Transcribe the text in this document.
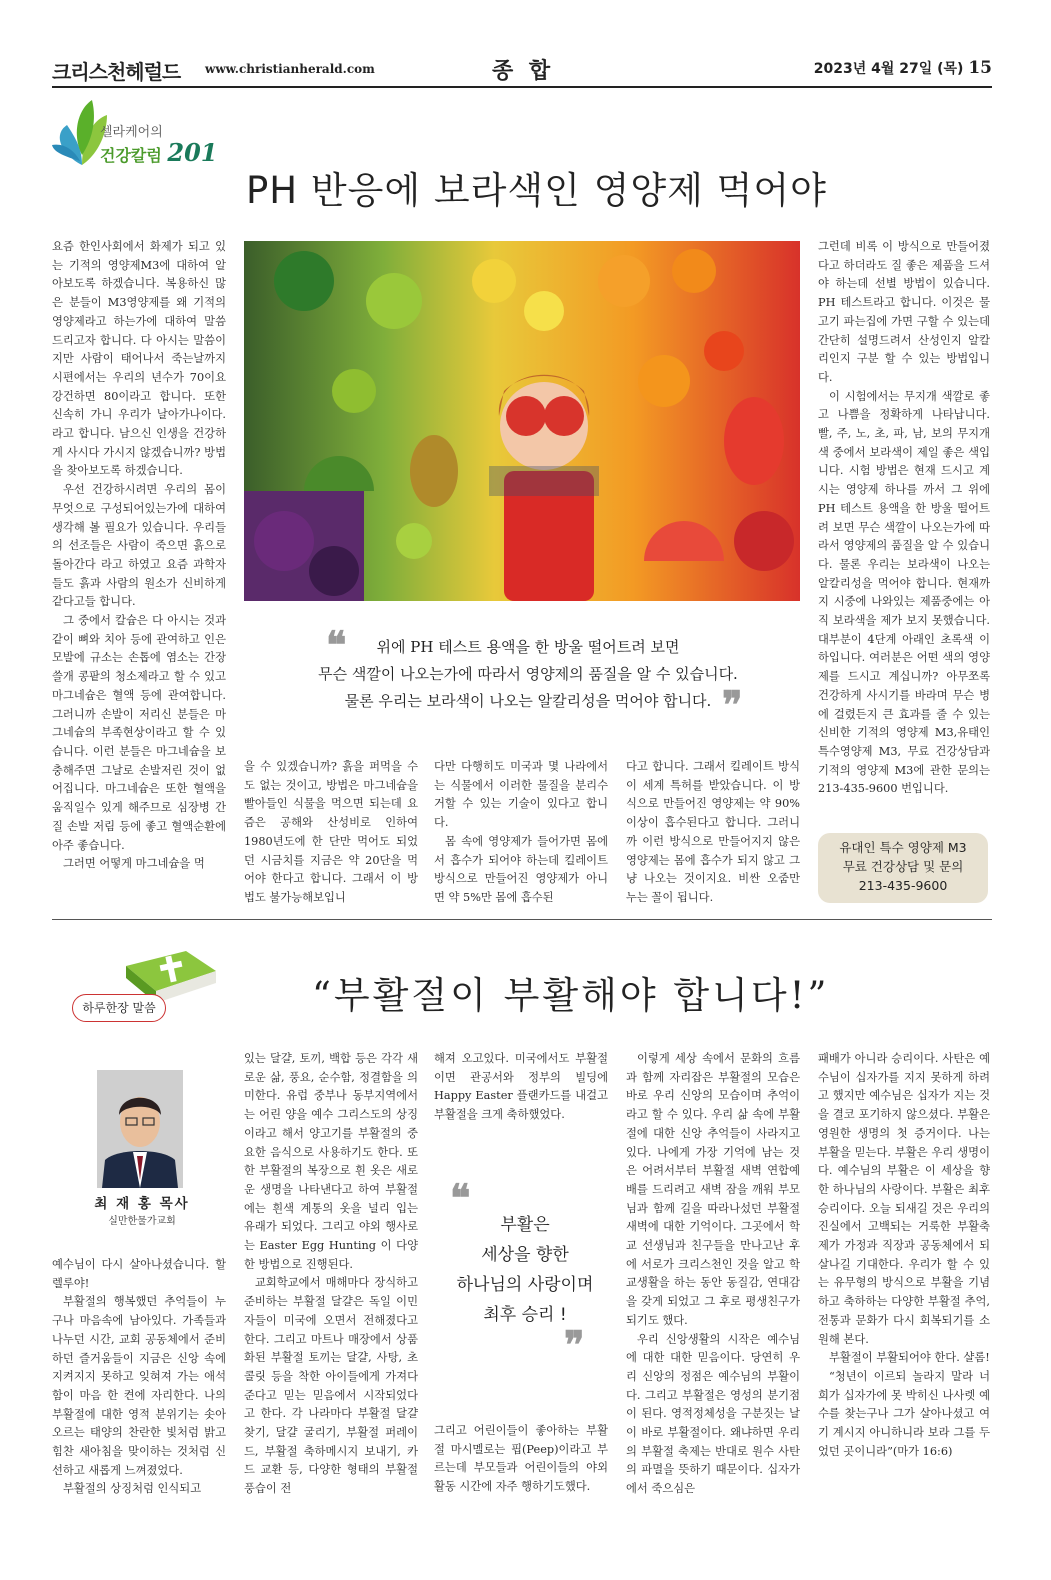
크리스천헤럴드 www.christianherald.com	종 합	2023년 4월 27일 (목) 15
셀라케어의
건강칼럼 201
PH 반응에 보라색인 영양제 먹어야

요즘 한인사회에서 화제가 되고 있는 기적의 영양제M3에 대하여 알아보도록 하겠습니다. 복용하신 많은 분들이 M3영양제를 왜 기적의 영양제라고 하는가에 대하여 말씀드리고자 합니다. 다 아시는 말씀이지만 사람이 태어나서 죽는날까지 시편에서는 우리의 년수가 70이요 강건하면 80이라고 합니다. 또한 신속히 가니 우리가 날아가나이다. 라고 합니다. 남으신 인생을 건강하게 사시다 가시지 않겠습니까? 방법을 찾아보도록 하겠습니다.

우선 건강하시려면 우리의 몸이 무엇으로 구성되어있는가에 대하여 생각해 볼 필요가 있습니다. 우리들의 선조들은 사람이 죽으면 흙으로 돌아간다 라고 하였고 요즘 과학자들도 흙과 사람의 원소가 신비하게 같다고들 합니다.

그 중에서 칼슘은 다 아시는 것과 같이 뼈와 치아 등에 관여하고 인은 모발에 규소는 손톱에 염소는 간장 쓸개 콩팥의 청소제라고 할 수 있고 마그네슘은 혈액 등에 관여합니다. 그러니까 손발이 저리신 분들은 마그네슘의 부족현상이라고 할 수 있습니다. 이런 분들은 마그네슘을 보충해주면 그날로 손발저린 것이 없어집니다. 마그네슘은 또한 혈액을 움직일수 있게 해주므로 심장병 간질 손발 저림 등에 좋고 혈액순환에 아주 좋습니다.

그러면 어떻게 마그네슘을 먹

❝
❞
위에 PH 테스트 용액을 한 방울 떨어트려 보면
무슨 색깔이 나오는가에 따라서 영양제의 품질을 알 수 있습니다.
물론 우리는 보라색이 나오는 알칼리성을 먹어야 합니다.

을 수 있겠습니까? 흙을 퍼먹을 수도 없는 것이고, 방법은 마그네슘을 빨아들인 식물을 먹으면 되는데 요즘은 공해와 산성비로 인하여 1980년도에 한 단만 먹어도 되었던 시금치를 지금은 약 20단을 먹어야 한다고 합니다. 그래서 이 방법도 불가능해보입니

다만 다행히도 미국과 몇 나라에서는 식물에서 이러한 물질을 분리수거할 수 있는 기술이 있다고 합니다.

몸 속에 영양제가 들어가면 몸에서 흡수가 되어야 하는데 킬레이트 방식으로 만들어진 영양제가 아니면 약 5%만 몸에 흡수된

다고 합니다. 그래서 킬레이트 방식이 세계 특허를 받았습니다. 이 방식으로 만들어진 영양제는 약 90%이상이 흡수된다고 합니다. 그러니까 이런 방식으로 만들어지지 않은 영양제는 몸에 흡수가 되지 않고 그냥 나오는 것이지요. 비싼 오줌만 누는 꼴이 됩니다.

그런데 비록 이 방식으로 만들어졌다고 하더라도 질 좋은 제품을 드셔야 하는데 선별 방법이 있습니다. PH 테스트라고 합니다. 이것은 물고기 파는집에 가면 구할 수 있는데 간단히 설명드려서 산성인지 알칼리인지 구분 할 수 있는 방법입니다.

이 시험에서는 무지개 색깔로 좋고 나쁨을 정확하게 나타납니다. 빨, 주, 노, 초, 파, 남, 보의 무지개 색 중에서 보라색이 제일 좋은 색입니다. 시험 방법은 현재 드시고 계시는 영양제 하나를 까서 그 위에 PH 테스트 용액을 한 방울 떨어트려 보면 무슨 색깔이 나오는가에 따라서 영양제의 품질을 알 수 있습니다. 물론 우리는 보라색이 나오는 알칼리성을 먹어야 합니다. 현재까지 시중에 나와있는 제품중에는 아직 보라색을 제가 보지 못했습니다. 대부분이 4단계 아래인 초록색 이하입니다. 여러분은 어떤 색의 영양제를 드시고 계십니까? 아무쪼록 건강하게 사시기를 바라며 무슨 병에 걸렸든지 큰 효과를 줄 수 있는 신비한 기적의 영양제 M3,유태인 특수영양제 M3, 무료 건강상담과 기적의 영양제 M3에 관한 문의는 213-435-9600 번입니다.

유대인 특수 영양제 M3
무료 건강상담 및 문의
213-435-9600
하루한장 말씀	“부활절이 부활해야 합니다!”
최 재 홍 목사
실만한물가교회

예수님이 다시 살아나셨습니다. 할렐루야!

부활절의 행복했던 추억들이 누구나 마음속에 남아있다. 가족들과 나누던 시간, 교회 공동체에서 준비하던 즐거움들이 지금은 신앙 속에 지켜지지 못하고 잊혀져 가는 애석함이 마음 한 켠에 자리한다. 나의 부활절에 대한 영적 분위기는 솟아오르는 태양의 찬란한 빛처럼 밝고 힘찬 새아침을 맞이하는 것처럼 신선하고 새롭게 느껴졌었다.

부활절의 상징처럼 인식되고

있는 달걀, 토끼, 백합 등은 각각 새로운 삶, 풍요, 순수함, 정결함을 의미한다. 유럽 중부나 동부지역에서는 어린 양을 예수 그리스도의 상징이라고 해서 양고기를 부활절의 중요한 음식으로 사용하기도 한다. 또한 부활절의 복장으로 흰 옷은 새로운 생명을 나타낸다고 하여 부활절에는 흰색 계통의 옷을 널리 입는 유래가 되었다. 그리고 야외 행사로는 Easter Egg Hunting 이 다양한 방법으로 진행된다.

교회학교에서 매해마다 장식하고 준비하는 부활절 달걀은 독일 이민자들이 미국에 오면서 전해졌다고 한다. 그리고 마트나 매장에서 상품화된 부활절 토끼는 달걀, 사탕, 초콜릿 등을 착한 아이들에게 가져다 준다고 믿는 믿음에서 시작되었다고 한다. 각 나라마다 부활절 달걀 찾기, 달걀 굴리기, 부활절 퍼레이드, 부활절 축하메시지 보내기, 카드 교환 등, 다양한 형태의 부활절 풍습이 전

해져 오고있다. 미국에서도 부활절이면 관공서와 정부의 빌딩에 Happy Easter 플랜카드를 내걸고 부활절을 크게 축하했었다.

❝
❞
부활은
세상을 향한
하나님의 사랑이며
최후 승리 !

그리고 어린이들이 좋아하는 부활절 마시멜로는 핍(Peep)이라고 부르는데 부모들과 어린이들의 야외활동 시간에 자주 행하기도했다.

이렇게 세상 속에서 문화의 흐름과 함께 자리잡은 부활절의 모습은 바로 우리 신앙의 모습이며 추억이라고 할 수 있다. 우리 삶 속에 부활절에 대한 신앙 추억들이 사라지고 있다. 나에게 가장 기억에 남는 것은 어려서부터 부활절 새벽 연합예배를 드리려고 새벽 잠을 깨워 부모님과 함께 길을 따라나섰던 부활절 새벽에 대한 기억이다. 그곳에서 학교 선생님과 친구들을 만나고난 후에 서로가 크리스천인 것을 알고 학교생활을 하는 동안 동질감, 연대감을 갖게 되었고 그 후로 평생친구가 되기도 했다.

우리 신앙생활의 시작은 예수님에 대한 대한 믿음이다. 당연히 우리 신앙의 정점은 예수님의 부활이다. 그리고 부활절은 영성의 분기점이 된다. 영적정체성을 구분짓는 날이 바로 부활절이다. 왜냐하면 우리의 부활절 축제는 반대로 원수 사탄의 파멸을 뜻하기 때문이다. 십자가에서 죽으심은

패배가 아니라 승리이다. 사탄은 예수님이 십자가를 지지 못하게 하려고 했지만 예수님은 십자가 지는 것을 결코 포기하지 않으셨다. 부활은 영원한 생명의 첫 증거이다. 나는 부활을 믿는다. 부활은 우리 생명이다. 예수님의 부활은 이 세상을 향한 하나님의 사랑이다. 부활은 최후 승리이다. 오늘 되새길 것은 우리의 진실에서 고백되는 거룩한 부활축제가 가정과 직장과 공동체에서 되살나길 기대한다. 우리가 할 수 있는 유무형의 방식으로 부활을 기념하고 축하하는 다양한 부활절 추억, 전통과 문화가 다시 회복되기를 소원해 본다.

부활절이 부활되어야 한다. 샬롬!

“청년이 이르되 놀라지 말라 너희가 십자가에 못 박히신 나사렛 예수를 찾는구나 그가 살아나셨고 여기 계시지 아니하니라 보라 그를 두었던 곳이니라”(마가 16:6)
